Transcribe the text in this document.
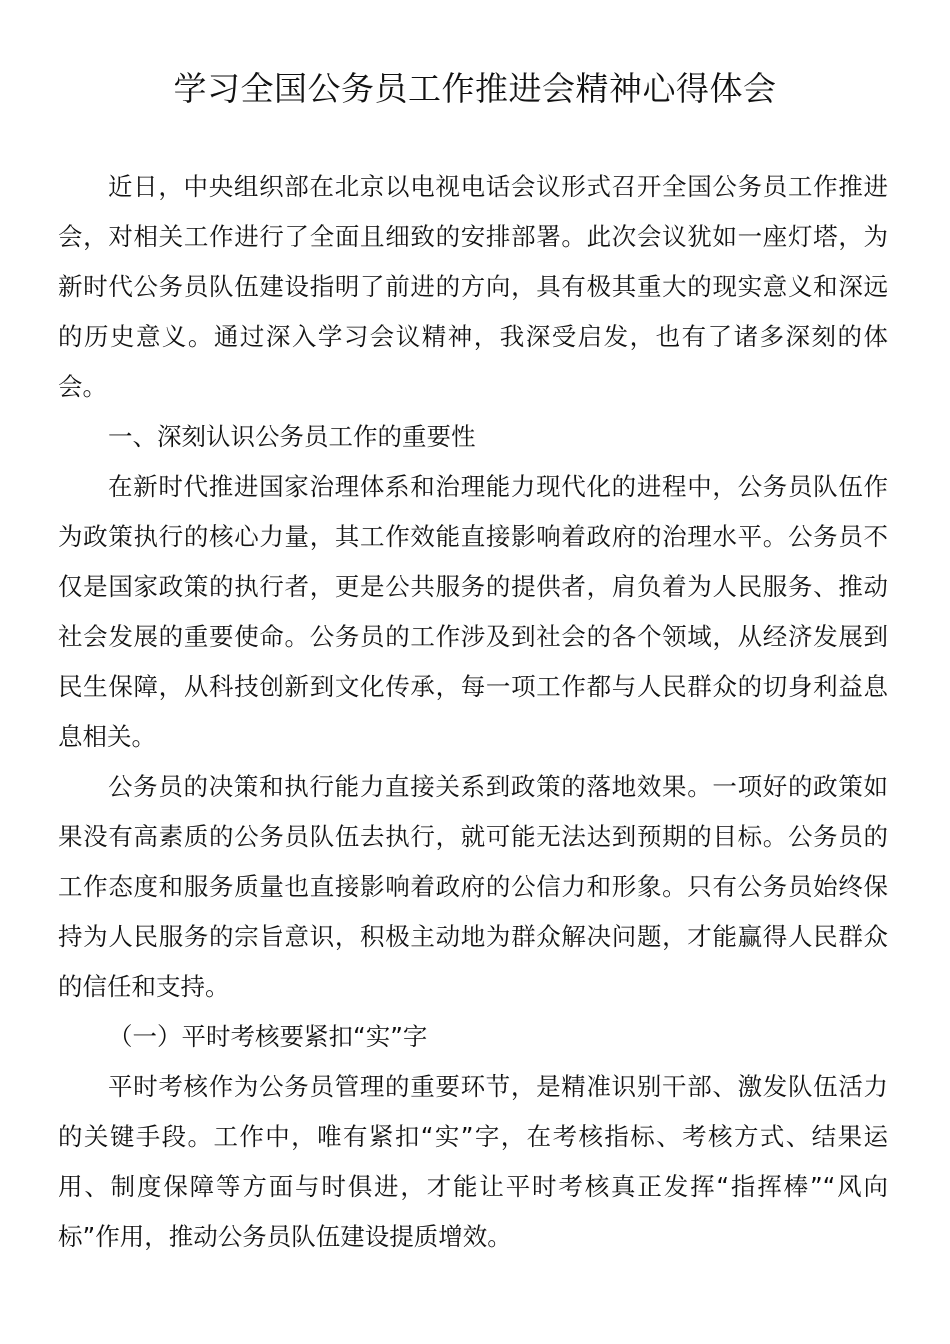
学习全国公务员工作推进会精神心得体会

近日，中央组织部在北京以电视电话会议形式召开全国公务员工作推进会，对相关工作进行了全面且细致的安排部署。此次会议犹如一座灯塔，为新时代公务员队伍建设指明了前进的方向，具有极其重大的现实意义和深远的历史意义。通过深入学习会议精神，我深受启发，也有了诸多深刻的体会。

一、深刻认识公务员工作的重要性

在新时代推进国家治理体系和治理能力现代化的进程中，公务员队伍作为政策执行的核心力量，其工作效能直接影响着政府的治理水平。公务员不仅是国家政策的执行者，更是公共服务的提供者，肩负着为人民服务、推动社会发展的重要使命。公务员的工作涉及到社会的各个领域，从经济发展到民生保障，从科技创新到文化传承，每一项工作都与人民群众的切身利益息息相关。

公务员的决策和执行能力直接关系到政策的落地效果。一项好的政策如果没有高素质的公务员队伍去执行，就可能无法达到预期的目标。公务员的工作态度和服务质量也直接影响着政府的公信力和形象。只有公务员始终保持为人民服务的宗旨意识，积极主动地为群众解决问题，才能赢得人民群众的信任和支持。

（一）平时考核要紧扣“实”字

平时考核作为公务员管理的重要环节，是精准识别干部、激发队伍活力的关键手段。工作中，唯有紧扣“实”字，在考核指标、考核方式、结果运用、制度保障等方面与时俱进，才能让平时考核真正发挥“指挥棒”“风向标”作用，推动公务员队伍建设提质增效。
